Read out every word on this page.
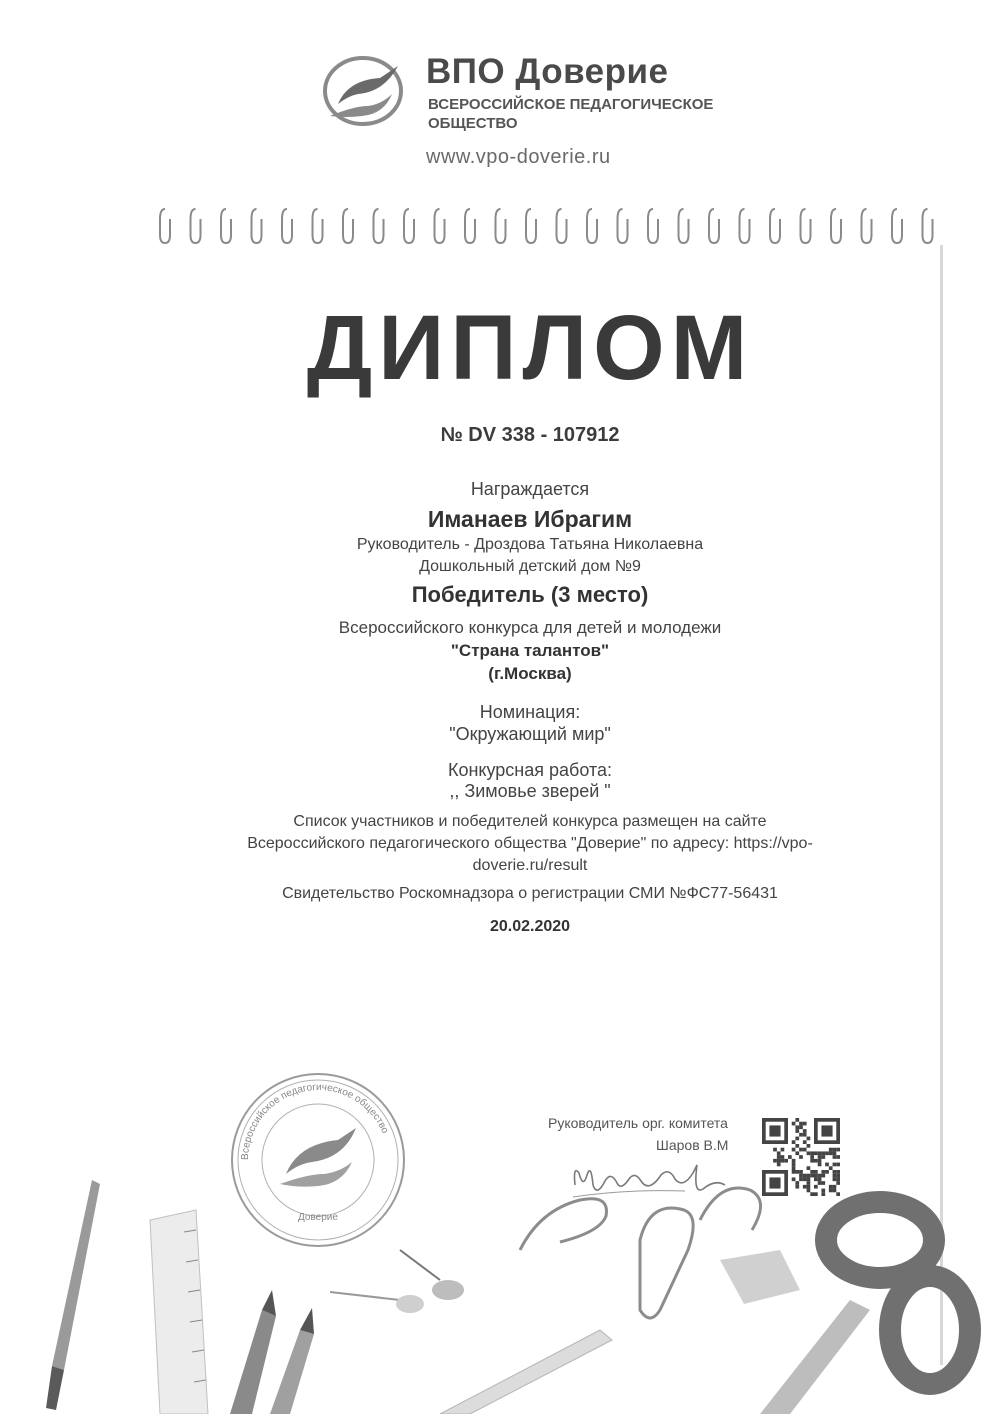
ВПО Доверие
ВСЕРОССИЙСКОЕ ПЕДАГОГИЧЕСКОЕ
ОБЩЕСТВО
www.vpo-doverie.ru
ДИПЛОМ
№ DV 338 - 107912
Награждается
Иманаев Ибрагим
Руководитель - Дроздова Татьяна Николаевна
Дошкольный детский дом №9
Победитель (3 место)
Всероссийского конкурса для детей и молодежи
"Страна талантов"
(г.Москва)
Номинация:
"Окружающий мир"
Конкурсная работа:
,, Зимовье зверей "
Список участников и победителей конкурса размещен на сайте
Всероссийского педагогического общества "Доверие" по адресу: https://vpo-
doverie.ru/result
Свидетельство Роскомнадзора о регистрации СМИ №ФС77-56431
20.02.2020
Всероссийское педагогическое общество
Доверие
Руководитель орг. комитета
Шаров В.М
